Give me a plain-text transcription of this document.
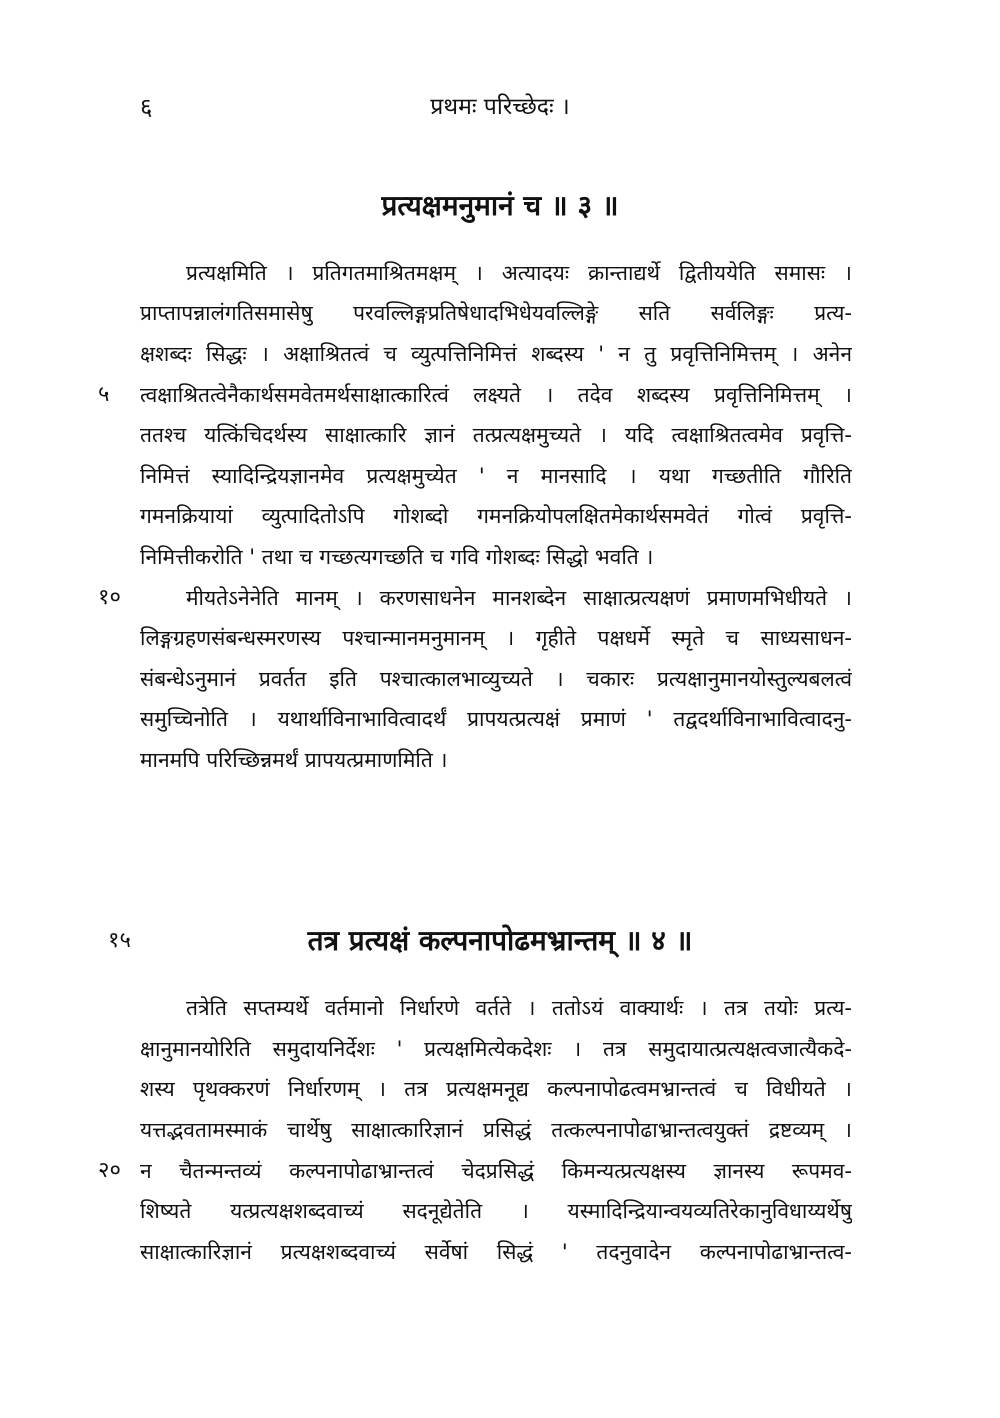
६	प्रथमः परिच्छेदः ।
प्रत्यक्षमनुमानं च ॥ ३ ॥
प्रत्यक्षमिति । प्रतिगतमाश्रितमक्षम् । अत्यादयः क्रान्ताद्यर्थे द्वितीययेति समासः ।
प्राप्तापन्नालंगतिसमासेषु परवल्लिङ्गप्रतिषेधादभिधेयवल्लिङ्गे सति सर्वलिङ्गः प्रत्य-
क्षशब्दः सिद्धः । अक्षाश्रितत्वं च व्युत्पत्तिनिमित्तं शब्दस्य ' न तु प्रवृत्तिनिमित्तम् । अनेन
५ त्वक्षाश्रितत्वेनैकार्थसमवेतमर्थसाक्षात्कारित्वं लक्ष्यते । तदेव शब्दस्य प्रवृत्तिनिमित्तम् ।
ततश्च यत्किंचिदर्थस्य साक्षात्कारि ज्ञानं तत्प्रत्यक्षमुच्यते । यदि त्वक्षाश्रितत्वमेव प्रवृत्ति-
निमित्तं स्यादिन्द्रियज्ञानमेव प्रत्यक्षमुच्येत ' न मानसादि । यथा गच्छतीति गौरिति
गमनक्रियायां व्युत्पादितोऽपि गोशब्दो गमनक्रियोपलक्षितमेकार्थसमवेतं गोत्वं प्रवृत्ति-
निमित्तीकरोति ' तथा च गच्छत्यगच्छति च गवि गोशब्दः सिद्धो भवति ।
१०	मीयतेऽनेनेति मानम् । करणसाधनेन मानशब्देन साक्षात्प्रत्यक्षणं प्रमाणमभिधीयते ।
लिङ्गग्रहणसंबन्धस्मरणस्य पश्चान्मानमनुमानम् । गृहीते पक्षधर्मे स्मृते च साध्यसाधन-
संबन्धेऽनुमानं प्रवर्तत इति पश्चात्कालभाव्युच्यते । चकारः प्रत्यक्षानुमानयोस्तुल्यबलत्वं
समुच्चिनोति । यथार्थाविनाभावित्वादर्थं प्रापयत्प्रत्यक्षं प्रमाणं ' तद्वदर्थाविनाभावित्वादनु-
मानमपि परिच्छिन्नमर्थं प्रापयत्प्रमाणमिति ।
१५	तत्र प्रत्यक्षं कल्पनापोढमभ्रान्तम् ॥ ४ ॥
तत्रेति सप्तम्यर्थे वर्तमानो निर्धारणे वर्तते । ततोऽयं वाक्यार्थः । तत्र तयोः प्रत्य-
क्षानुमानयोरिति समुदायनिर्देशः ' प्रत्यक्षमित्येकदेशः । तत्र समुदायात्प्रत्यक्षत्वजात्यैकदे-
शस्य पृथक्करणं निर्धारणम् । तत्र प्रत्यक्षमनूद्य कल्पनापोढत्वमभ्रान्तत्वं च विधीयते ।
यत्तद्भवतामस्माकं चार्थेषु साक्षात्कारिज्ञानं प्रसिद्धं तत्कल्पनापोढाभ्रान्तत्वयुक्तं द्रष्टव्यम् ।
२० न चैतन्मन्तव्यं कल्पनापोढाभ्रान्तत्वं चेदप्रसिद्धं किमन्यत्प्रत्यक्षस्य ज्ञानस्य रूपमव-
शिष्यते यत्प्रत्यक्षशब्दवाच्यं सदनूद्येतेति । यस्मादिन्द्रियान्वयव्यतिरेकानुविधाय्यर्थेषु
साक्षात्कारिज्ञानं प्रत्यक्षशब्दवाच्यं सर्वेषां सिद्धं ' तदनुवादेन कल्पनापोढाभ्रान्तत्व-
